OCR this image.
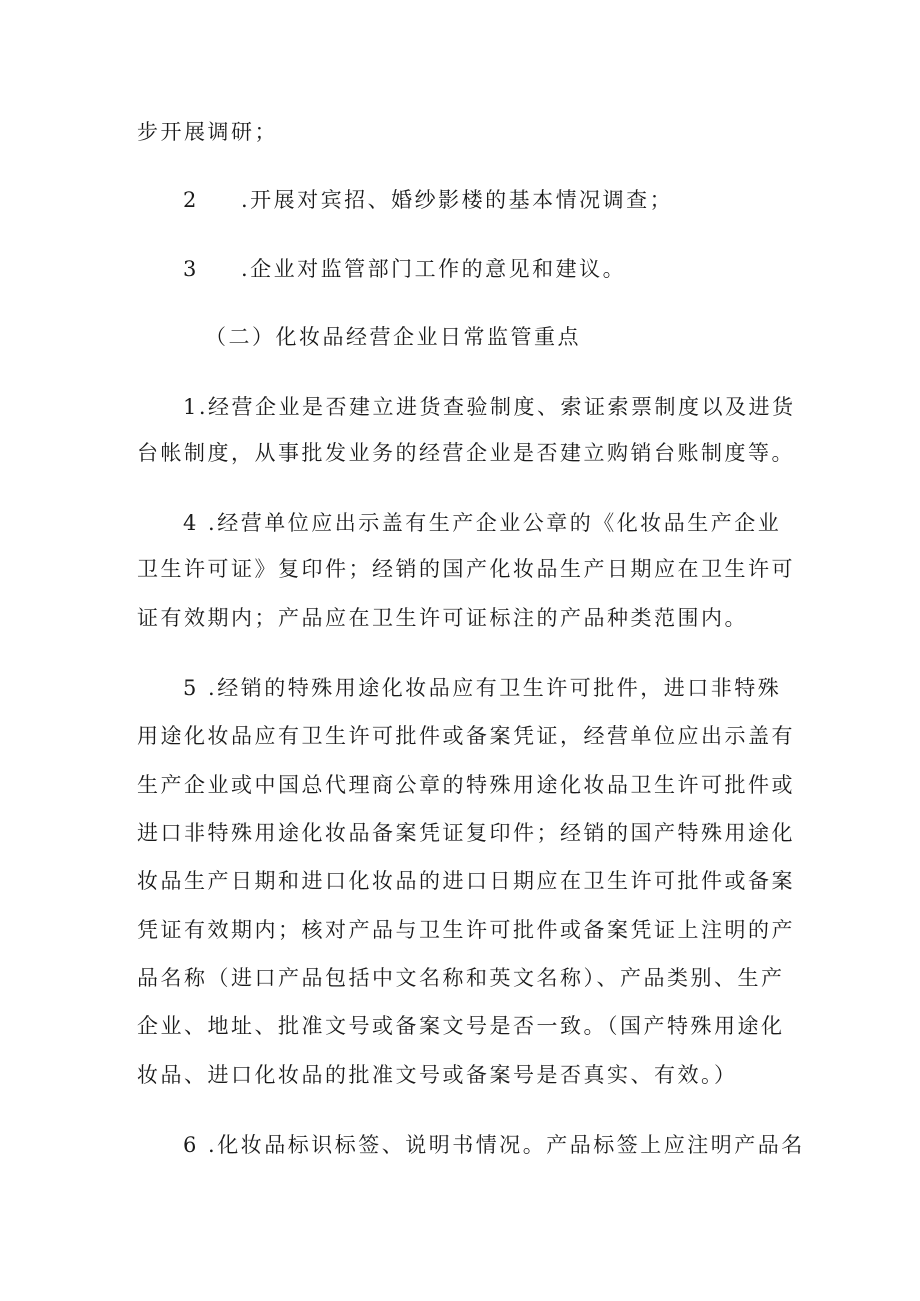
步开展调研；
2 .开展对宾招、婚纱影楼的基本情况调查；
3 .企业对监管部门工作的意见和建议。
（二）化妆品经营企业日常监管重点
1.经营企业是否建立进货查验制度、索证索票制度以及进货
台帐制度，从事批发业务的经营企业是否建立购销台账制度等。
4 .经营单位应出示盖有生产企业公章的《化妆品生产企业
卫生许可证》复印件；经销的国产化妆品生产日期应在卫生许可
证有效期内；产品应在卫生许可证标注的产品种类范围内。
5 .经销的特殊用途化妆品应有卫生许可批件，进口非特殊
用途化妆品应有卫生许可批件或备案凭证，经营单位应出示盖有
生产企业或中国总代理商公章的特殊用途化妆品卫生许可批件或
进口非特殊用途化妆品备案凭证复印件；经销的国产特殊用途化
妆品生产日期和进口化妆品的进口日期应在卫生许可批件或备案
凭证有效期内；核对产品与卫生许可批件或备案凭证上注明的产
品名称（进口产品包括中文名称和英文名称）、产品类别、生产
企业、地址、批准文号或备案文号是否一致。（国产特殊用途化
妆品、进口化妆品的批准文号或备案号是否真实、有效。）
6 .化妆品标识标签、说明书情况。产品标签上应注明产品名
